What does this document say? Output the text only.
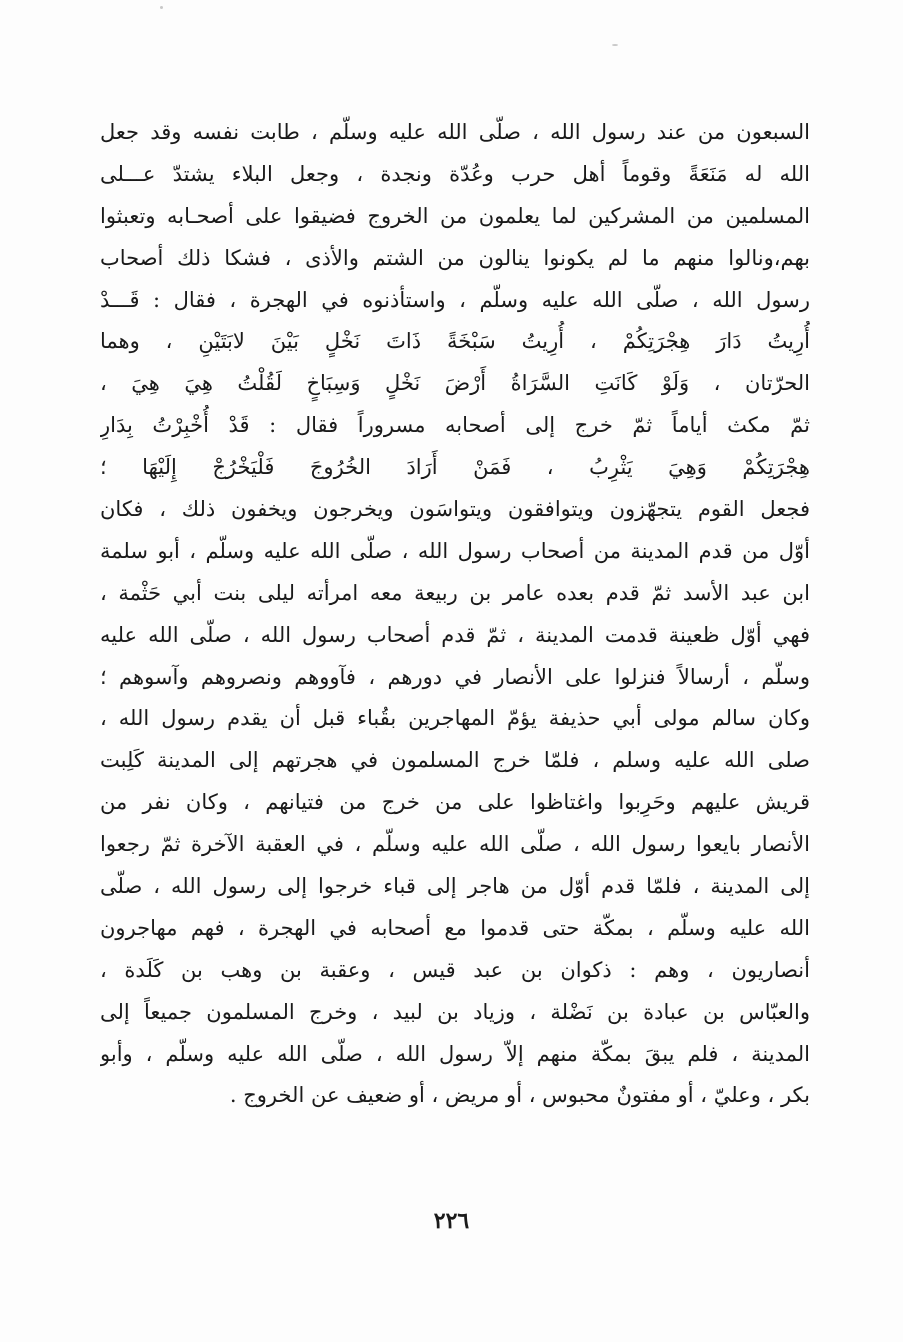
السبعون من عند رسول الله ، صلّى الله عليه وسلّم ، طابت نفسه وقد جعل
الله له مَنَعَةً وقوماً أهل حرب وعُدّة ونجدة ، وجعل البلاء يشتدّ عـــلى
المسلمين من المشركين لما يعلمون من الخروج فضيقوا على أصحـابه وتعبثوا
بهم،ونالوا منهم ما لم يكونوا ينالون من الشتم والأذى ، فشكا ذلك أصحاب
رسول الله ، صلّى الله عليه وسلّم ، واستأذنوه في الهجرة ، فقال : قَـــدْ
أُرِيتُ دَارَ هِجْرَتِكُمْ ، أُرِيتُ سَبْخَةً ذَاتَ نَخْلٍ بَيْنَ لابَتَيْنِ ، وهما
الحرّتان ، وَلَوْ كَانَتِ السَّرَاةُ أَرْضَ نَخْلٍ وَسِبَاخٍ لَقُلْتُ هِيَ هِيَ ،
ثمّ مكث أياماً ثمّ خرج إلى أصحابه مسروراً فقال : قَدْ أُخْبِرْتُ بِدَارِ
هِجْرَتِكُمْ وَهِيَ يَثْرِبُ ، فَمَنْ أَرَادَ الخُرُوجَ فَلْيَخْرُجْ إِلَيْهَا ؛
فجعل القوم يتجهّزون ويتوافقون ويتواسَون ويخرجون ويخفون ذلك ، فكان
أوّل من قدم المدينة من أصحاب رسول الله ، صلّى الله عليه وسلّم ، أبو سلمة
ابن عبد الأسد ثمّ قدم بعده عامر بن ربيعة معه امرأته ليلى بنت أبي حَثْمة ،
فهي أوّل ظعينة قدمت المدينة ، ثمّ قدم أصحاب رسول الله ، صلّى الله عليه
وسلّم ، أرسالاً فنزلوا على الأنصار في دورهم ، فآووهم ونصروهم وآسوهم ؛
وكان سالم مولى أبي حذيفة يؤمّ المهاجرين بقُباء قبل أن يقدم رسول الله ،
صلى الله عليه وسلم ، فلمّا خرج المسلمون في هجرتهم إلى المدينة كَلِبت
قريش عليهم وحَرِبوا واغتاظوا على من خرج من فتيانهم ، وكان نفر من
الأنصار بايعوا رسول الله ، صلّى الله عليه وسلّم ، في العقبة الآخرة ثمّ رجعوا
إلى المدينة ، فلمّا قدم أوّل من هاجر إلى قباء خرجوا إلى رسول الله ، صلّى
الله عليه وسلّم ، بمكّة حتى قدموا مع أصحابه في الهجرة ، فهم مهاجرون
أنصاريون ، وهم : ذكوان بن عبد قيس ، وعقبة بن وهب بن كَلَدة ،
والعبّاس بن عبادة بن نَضْلة ، وزياد بن لبيد ، وخرج المسلمون جميعاً إلى
المدينة ، فلم يبقَ بمكّة منهم إلاّ رسول الله ، صلّى الله عليه وسلّم ، وأبو
بكر ، وعليّ ، أو مفتونٌ محبوس ، أو مريض ، أو ضعيف عن الخروج .
٢٢٦
